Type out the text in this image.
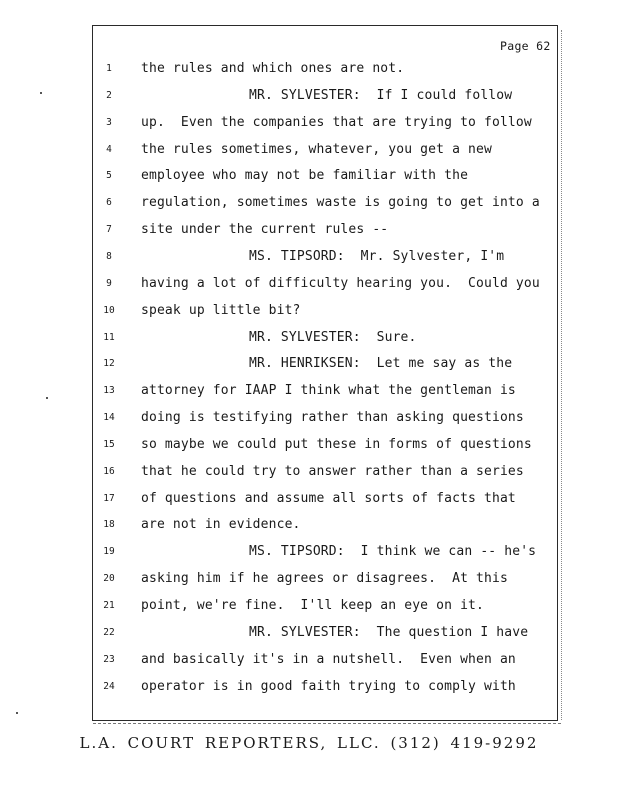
Page 62
1	the rules and which ones are not.
2	MR. SYLVESTER:  If I could follow
3	up.  Even the companies that are trying to follow
4	the rules sometimes, whatever, you get a new
5	employee who may not be familiar with the
6	regulation, sometimes waste is going to get into a
7	site under the current rules --
8	MS. TIPSORD:  Mr. Sylvester, I'm
9	having a lot of difficulty hearing you.  Could you
10	speak up little bit?
11	MR. SYLVESTER:  Sure.
12	MR. HENRIKSEN:  Let me say as the
13	attorney for IAAP I think what the gentleman is
14	doing is testifying rather than asking questions
15	so maybe we could put these in forms of questions
16	that he could try to answer rather than a series
17	of questions and assume all sorts of facts that
18	are not in evidence.
19	MS. TIPSORD:  I think we can -- he's
20	asking him if he agrees or disagrees.  At this
21	point, we're fine.  I'll keep an eye on it.
22	MR. SYLVESTER:  The question I have
23	and basically it's in a nutshell.  Even when an
24	operator is in good faith trying to comply with
L.A. COURT REPORTERS, LLC. (312) 419-9292
